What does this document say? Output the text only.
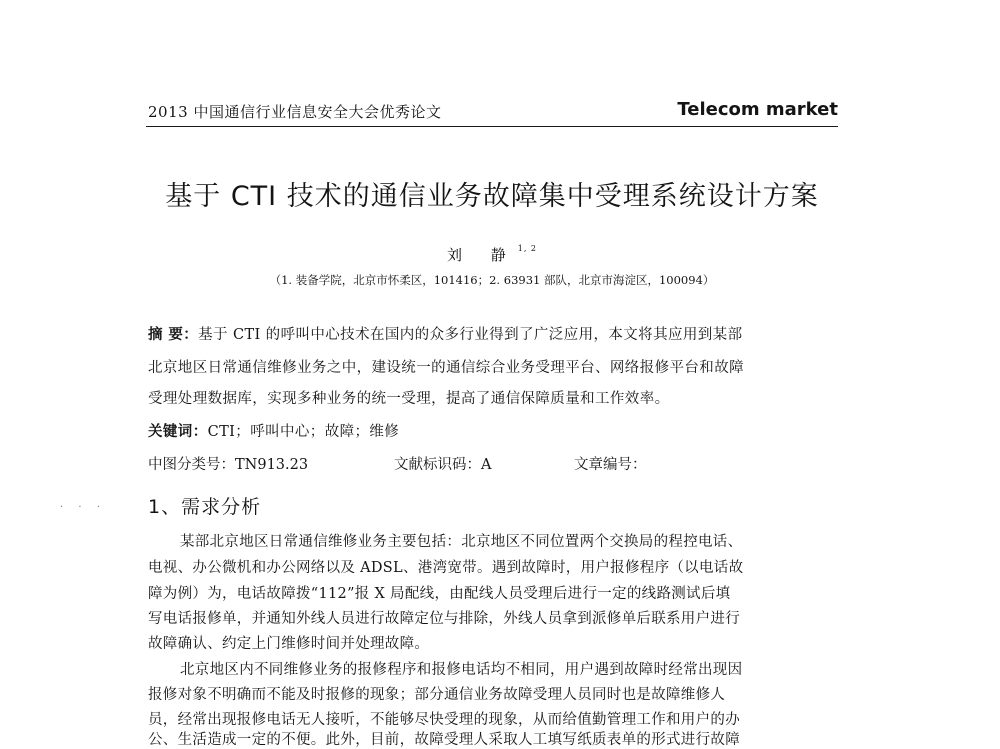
2013 中国通信行业信息安全大会优秀论文	Telecom market
基于 CTI 技术的通信业务故障集中受理系统设计方案
刘 静$^{1, 2}$
（1. 装备学院，北京市怀柔区，101416；2. 63931 部队，北京市海淀区，100094）
摘 要：基于 CTI 的呼叫中心技术在国内的众多行业得到了广泛应用，本文将其应用到某部
北京地区日常通信维修业务之中，建设统一的通信综合业务受理平台、网络报修平台和故障
受理处理数据库，实现多种业务的统一受理，提高了通信保障质量和工作效率。
关键词：CTI；呼叫中心；故障；维修
中图分类号：TN913.23	文献标识码：A	文章编号：
· · · 1、需求分析
某部北京地区日常通信维修业务主要包括：北京地区不同位置两个交换局的程控电话、
电视、办公微机和办公网络以及 ADSL、港湾宽带。遇到故障时，用户报修程序（以电话故
障为例）为，电话故障拨“112”报 X 局配线，由配线人员受理后进行一定的线路测试后填
写电话报修单，并通知外线人员进行故障定位与排除，外线人员拿到派修单后联系用户进行
故障确认、约定上门维修时间并处理故障。
北京地区内不同维修业务的报修程序和报修电话均不相同，用户遇到故障时经常出现因
报修对象不明确而不能及时报修的现象；部分通信业务故障受理人员同时也是故障维修人
员，经常出现报修电话无人接听，不能够尽快受理的现象，从而给值勤管理工作和用户的办
公、生活造成一定的不便。此外，目前，故障受理人采取人工填写纸质表单的形式进行故障
